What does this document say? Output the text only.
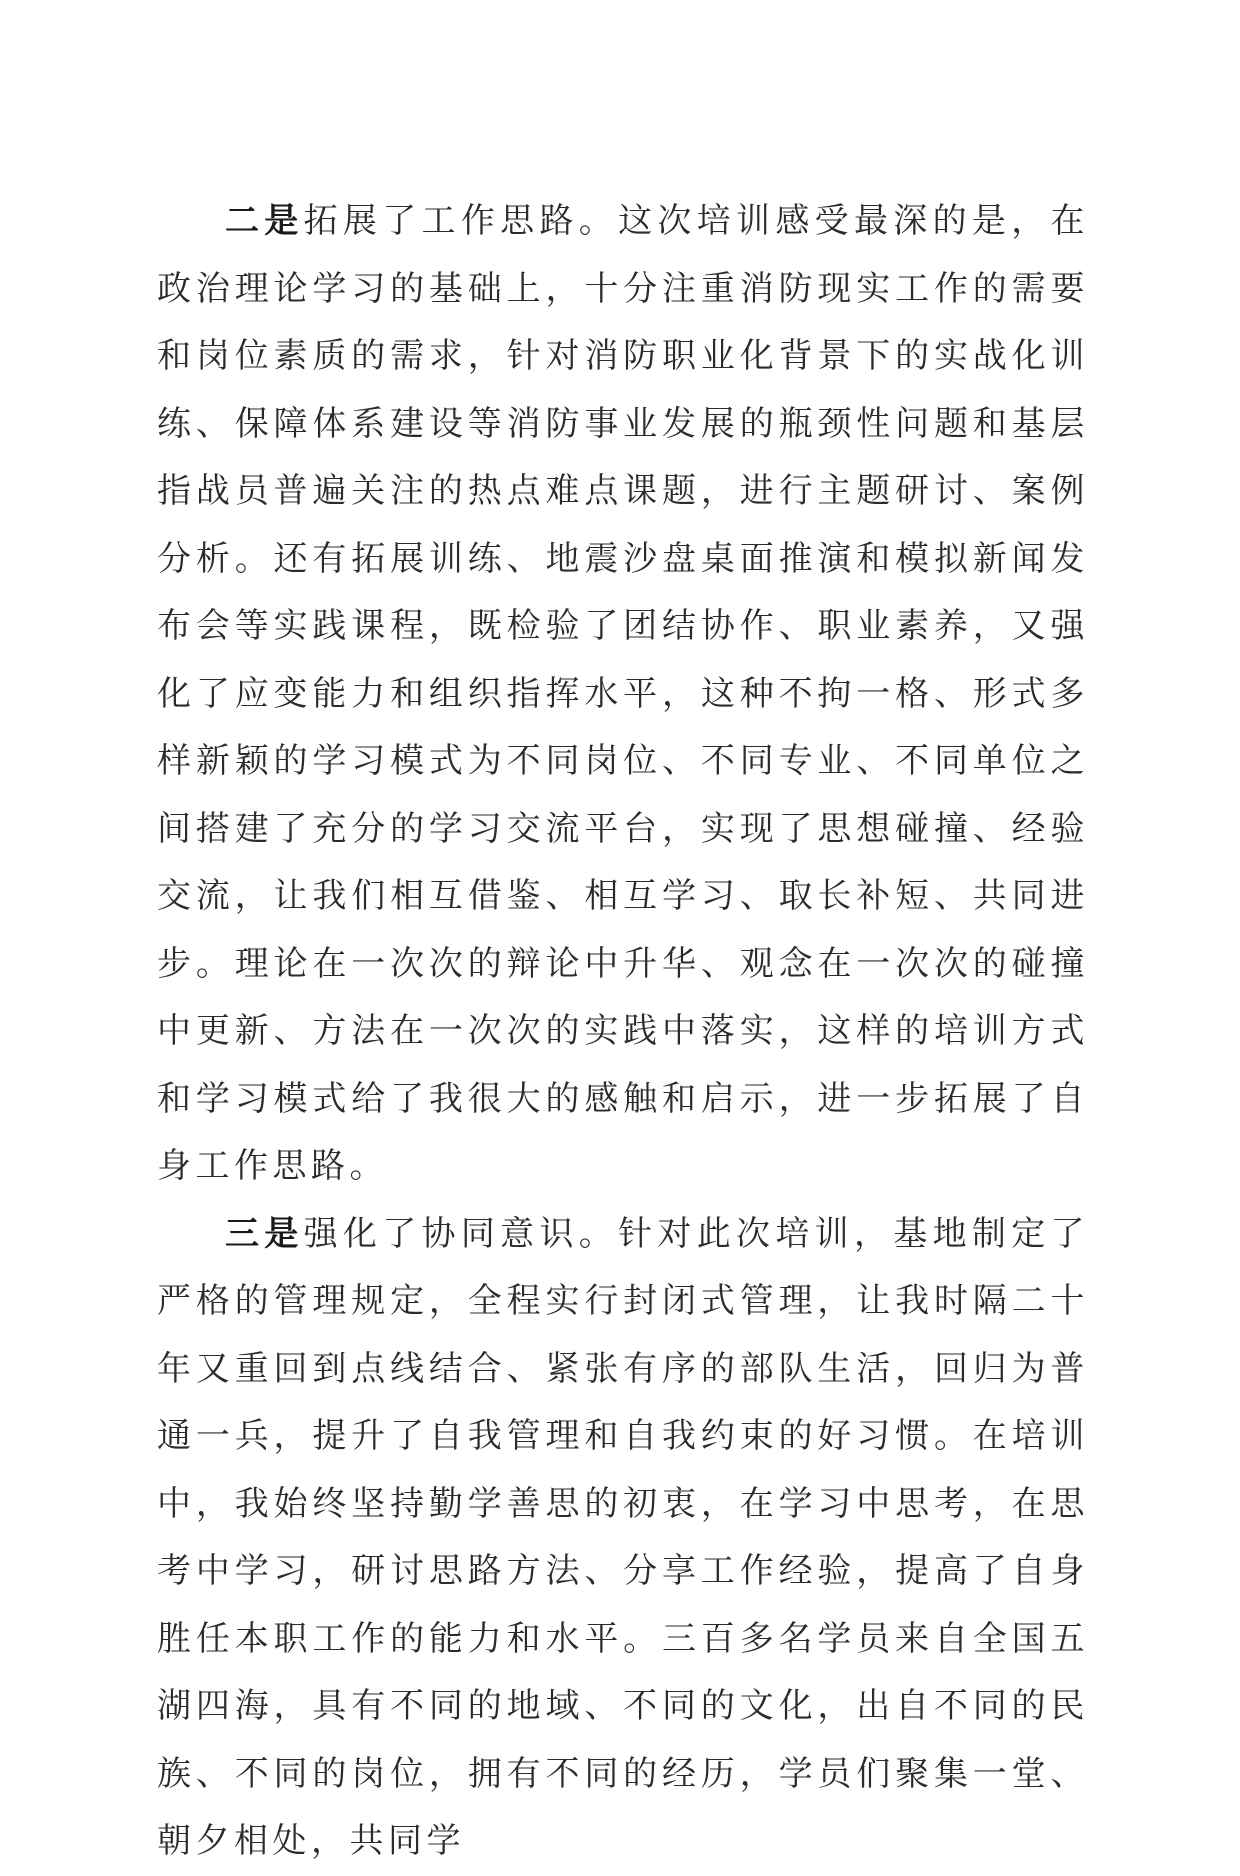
二是拓展了工作思路。这次培训感受最深的是，在政治理论学习的基础上，十分注重消防现实工作的需要和岗位素质的需求，针对消防职业化背景下的实战化训练、保障体系建设等消防事业发展的瓶颈性问题和基层指战员普遍关注的热点难点课题，进行主题研讨、案例分析。还有拓展训练、地震沙盘桌面推演和模拟新闻发布会等实践课程，既检验了团结协作、职业素养，又强化了应变能力和组织指挥水平，这种不拘一格、形式多样新颖的学习模式为不同岗位、不同专业、不同单位之间搭建了充分的学习交流平台，实现了思想碰撞、经验交流，让我们相互借鉴、相互学习、取长补短、共同进步。理论在一次次的辩论中升华、观念在一次次的碰撞中更新、方法在一次次的实践中落实，这样的培训方式和学习模式给了我很大的感触和启示，进一步拓展了自身工作思路。

三是强化了协同意识。针对此次培训，基地制定了严格的管理规定，全程实行封闭式管理，让我时隔二十年又重回到点线结合、紧张有序的部队生活，回归为普通一兵，提升了自我管理和自我约束的好习惯。在培训中，我始终坚持勤学善思的初衷，在学习中思考，在思考中学习，研讨思路方法、分享工作经验，提高了自身胜任本职工作的能力和水平。三百多名学员来自全国五湖四海，具有不同的地域、不同的文化，出自不同的民族、不同的岗位，拥有不同的经历，学员们聚集一堂、朝夕相处，共同学
